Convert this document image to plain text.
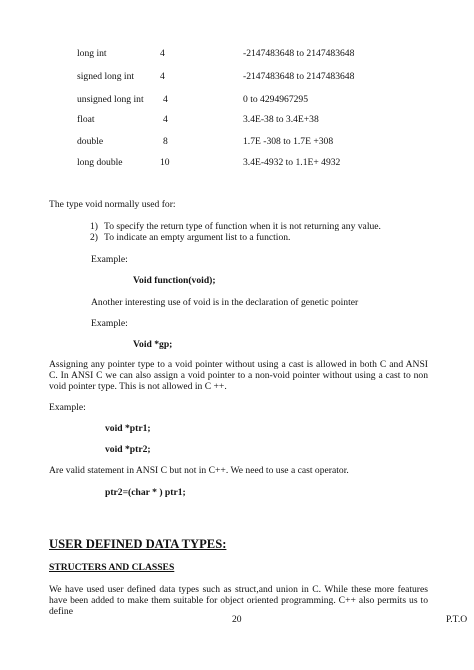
long int	4	-2147483648 to 2147483648
signed long int	4	-2147483648 to 2147483648
unsigned long int 4	0 to 4294967295
float	4	3.4E-38 to 3.4E+38
double	8	1.7E -308 to 1.7E +308
long double	10	3.4E-4932 to 1.1E+ 4932
The type void normally used for:
1) To specify the return type of function when it is not returning any value.
2) To indicate an empty argument list to a function.
Example:
Void function(void);
Another interesting use of void is in the declaration of genetic pointer
Example:
Void *gp;
Assigning any pointer type to a void pointer without using a cast is allowed in both C and ANSI C. In ANSI C we can also assign a void pointer to a non-void pointer without using a cast to non void pointer type. This is not allowed in C ++.
Example:
void *ptr1;
void *ptr2;
Are valid statement in ANSI C but not in C++. We need to use a cast operator.
ptr2=(char * ) ptr1;
USER DEFINED DATA TYPES:
STRUCTERS AND CLASSES
We have used user defined data types such as struct,and union in C. While these more features have been added to make them suitable for object oriented programming. C++ also permits us to define
20	P.T.O
